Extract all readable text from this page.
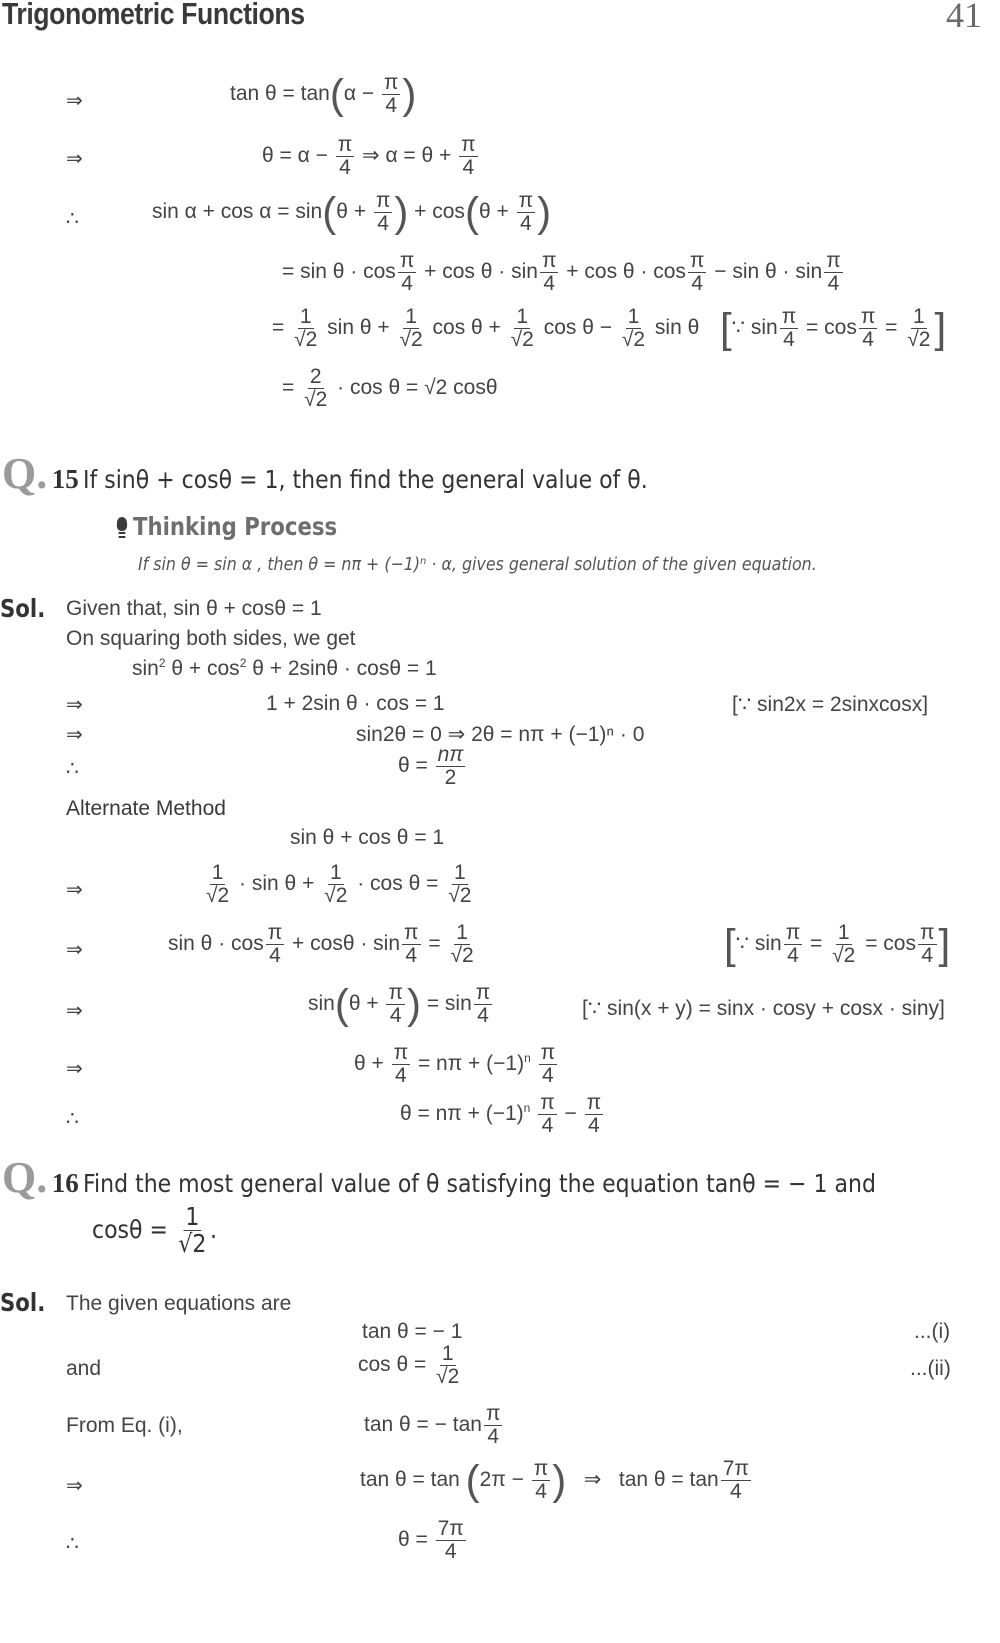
Trigonometric Functions	41
⇒	$\tan \theta = \tan(\alpha - \frac{\pi}{4}$ )
⇒	$\theta = \alpha - \frac{\pi}{4}$ ⇒ $\alpha = \theta + \frac{\pi}{4}$
∴	$\sin \alpha + \cos \alpha = \sin(\theta + \frac{\pi}{4}$ ) + $\cos(\theta + \frac{\pi}{4}$ )
= $\sin \theta \cdot \cos \frac{\pi}{4} + \cos \theta \cdot \sin \frac{\pi}{4} + \cos \theta \cdot \cos \frac{\pi}{4} - \sin \theta \cdot \sin \frac{\pi}{4}$
= $\frac{1}{√2}$ $\sin \theta + \frac{1}{√2}$ $\cos \theta + \frac{1}{√2}$ $\cos \theta - \frac{1}{√2}$ sin θ [∵ $\sin \frac{\pi}{4} = \cos \frac{\pi}{4} = \frac{1}{√2}$ ]
= $\frac{2}{√2} \cdot \cos \theta = √2$ cosθ
Q. 15 If sinθ + cosθ = 1, then find the general value of θ.
Thinking Process
If sin θ = sin α , then θ = nπ + (−1)ⁿ · α, gives general solution of the given equation.
Sol. Given that, sin θ + cosθ = 1
On squaring both sides, we get
$\sin^2 \theta + \cos^2 \theta + 2\sin\theta \cdot \cos\theta = 1$
⇒	1 + 2sin θ · cos = 1	[∵ sin2x = 2sinxcosx]
⇒	sin2θ = 0 ⇒ 2θ = nπ + (−1)ⁿ · 0
∴	$\theta = \frac{n\pi}{2}$
Alternate Method
sin θ + cos θ = 1
⇒	$\frac{1}{√2} \cdot \sin \theta + \frac{1}{√2} \cdot \cos \theta = \frac{1}{√2}$
⇒	$\sin \theta \cdot \cos \frac{\pi}{4} + \cos\theta \cdot \sin \frac{\pi}{4} = \frac{1}{√2}$	[∵ $\sin \frac{\pi}{4} = \frac{1}{√2} = \cos \frac{\pi}{4}$ ]
⇒	$\sin(\theta + \frac{\pi}{4}$ ) = $\sin \frac{\pi}{4}$	[∵ sin(x + y) = sinx · cosy + cosx · siny]
⇒	$\theta + \frac{\pi}{4} = n\pi + (-1)^n \frac{\pi}{4}$
∴	$\theta = n\pi + (-1)^n \frac{\pi}{4} - \frac{\pi}{4}$
Q. 16 Find the most general value of θ satisfying the equation tanθ = − 1 and
$\cos\theta = \frac{1}{√2}$ .
Sol. The given equations are
tan θ = − 1	...(i)
and	$\cos \theta = \frac{1}{√2}$	...(ii)
From Eq. (i),	tan θ = − $\tan \frac{\pi}{4}$
⇒	$\tan \theta = \tan (2\pi - \frac{\pi}{4}$ )   ⇒   $\tan \theta = \tan \frac{7\pi}{4}$
∴	$\theta = \frac{7\pi}{4}$
